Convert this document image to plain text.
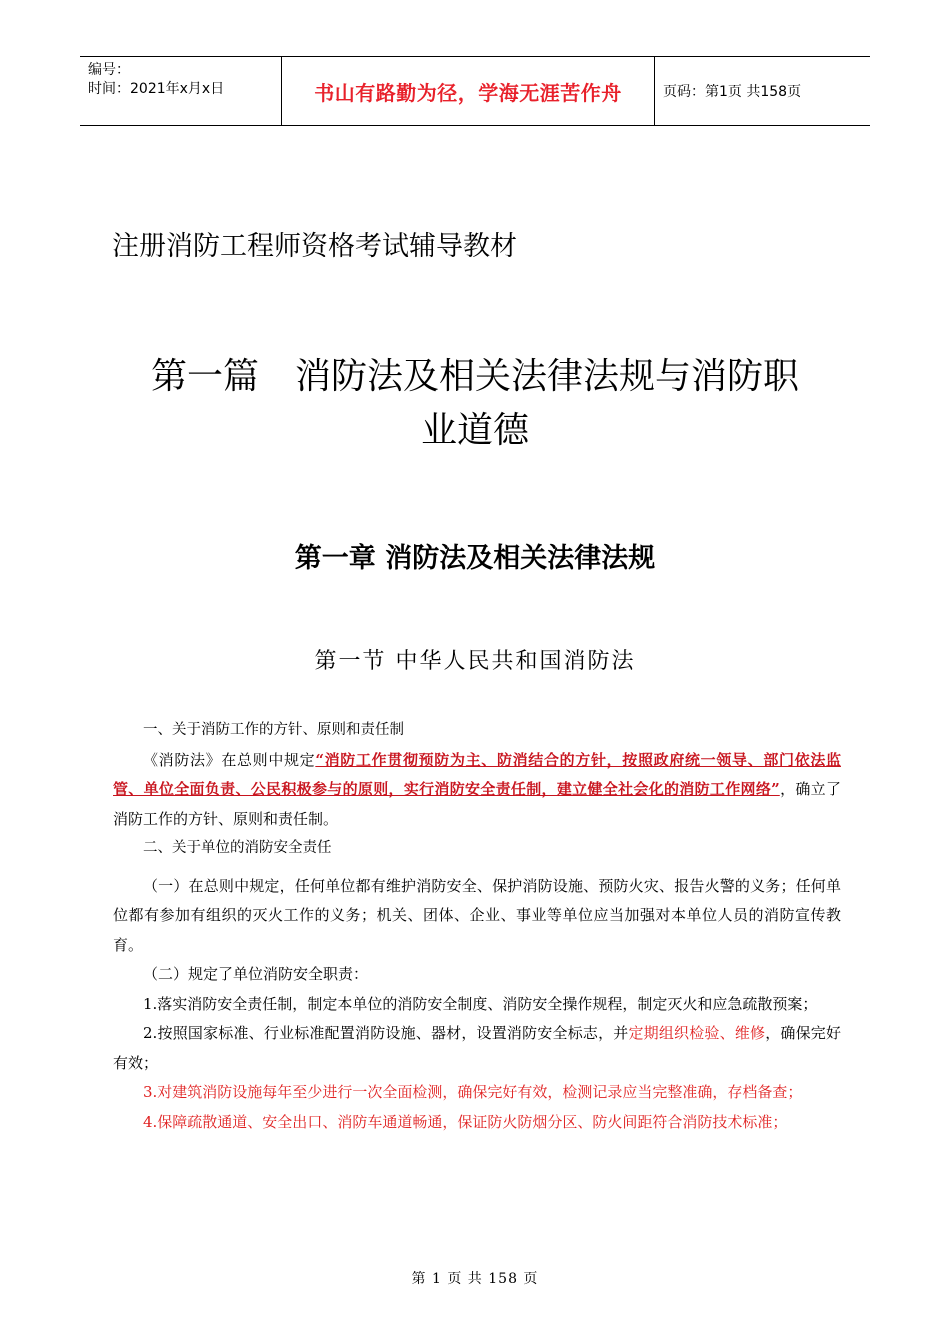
编号：
时间：2021年x月x日	书山有路勤为径，学海无涯苦作舟	页码：第1页 共158页
注册消防工程师资格考试辅导教材
第一篇　消防法及相关法律法规与消防职
业道德
第一章 消防法及相关法律法规
第一节 中华人民共和国消防法

一、关于消防工作的方针、原则和责任制

《消防法》在总则中规定“消防工作贯彻预防为主、防消结合的方针，按照政府统一领导、部门依法监管、单位全面负责、公民积极参与的原则，实行消防安全责任制，建立健全社会化的消防工作网络”，确立了消防工作的方针、原则和责任制。

二、关于单位的消防安全责任

（一）在总则中规定，任何单位都有维护消防安全、保护消防设施、预防火灾、报告火警的义务；任何单位都有参加有组织的灭火工作的义务；机关、团体、企业、事业等单位应当加强对本单位人员的消防宣传教育。

（二）规定了单位消防安全职责：

1.落实消防安全责任制，制定本单位的消防安全制度、消防安全操作规程，制定灭火和应急疏散预案；

2.按照国家标准、行业标准配置消防设施、器材，设置消防安全标志，并定期组织检验、维修，确保完好有效；

3.对建筑消防设施每年至少进行一次全面检测，确保完好有效，检测记录应当完整准确，存档备查；

4.保障疏散通道、安全出口、消防车通道畅通，保证防火防烟分区、防火间距符合消防技术标准；

第 1 页 共 158 页
